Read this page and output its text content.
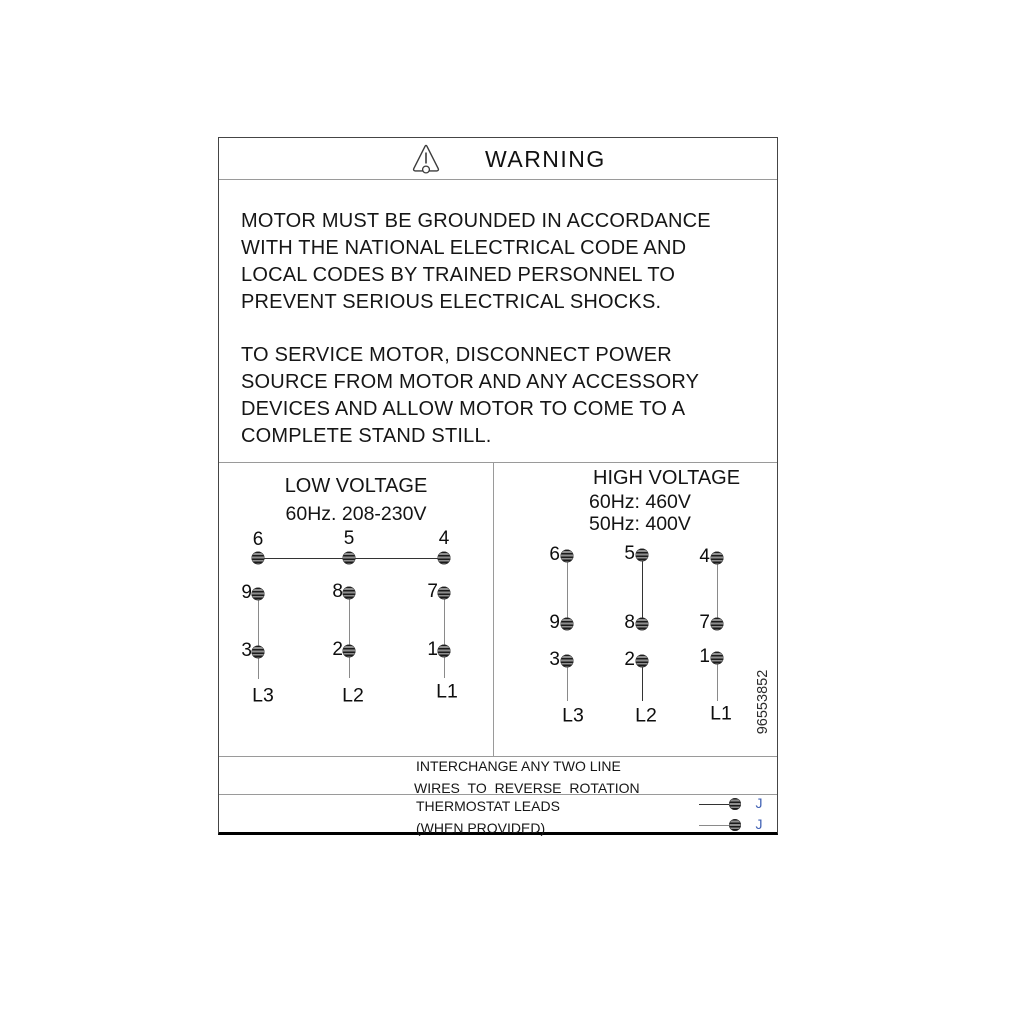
WARNING
MOTOR MUST BE GROUNDED IN ACCORDANCE
WITH THE NATIONAL ELECTRICAL CODE AND
LOCAL CODES BY TRAINED PERSONNEL TO
PREVENT SERIOUS ELECTRICAL SHOCKS.
TO SERVICE MOTOR, DISCONNECT POWER
SOURCE FROM MOTOR AND ANY ACCESSORY
DEVICES AND ALLOW MOTOR TO COME TO A
COMPLETE STAND STILL.
LOW VOLTAGE
60Hz. 208-230V
6	5	4
9
3
L3
8
2
L2
7
1
L1
HIGH VOLTAGE
60Hz: 460V
50Hz: 400V
6
9
3
L3
5
8
2
L2
4
7
1
L1 96553852
INTERCHANGE ANY TWO LINE
WIRES TO REVERSE ROTATION
THERMOSTAT LEADS
(WHEN PROVIDED)
J
J
